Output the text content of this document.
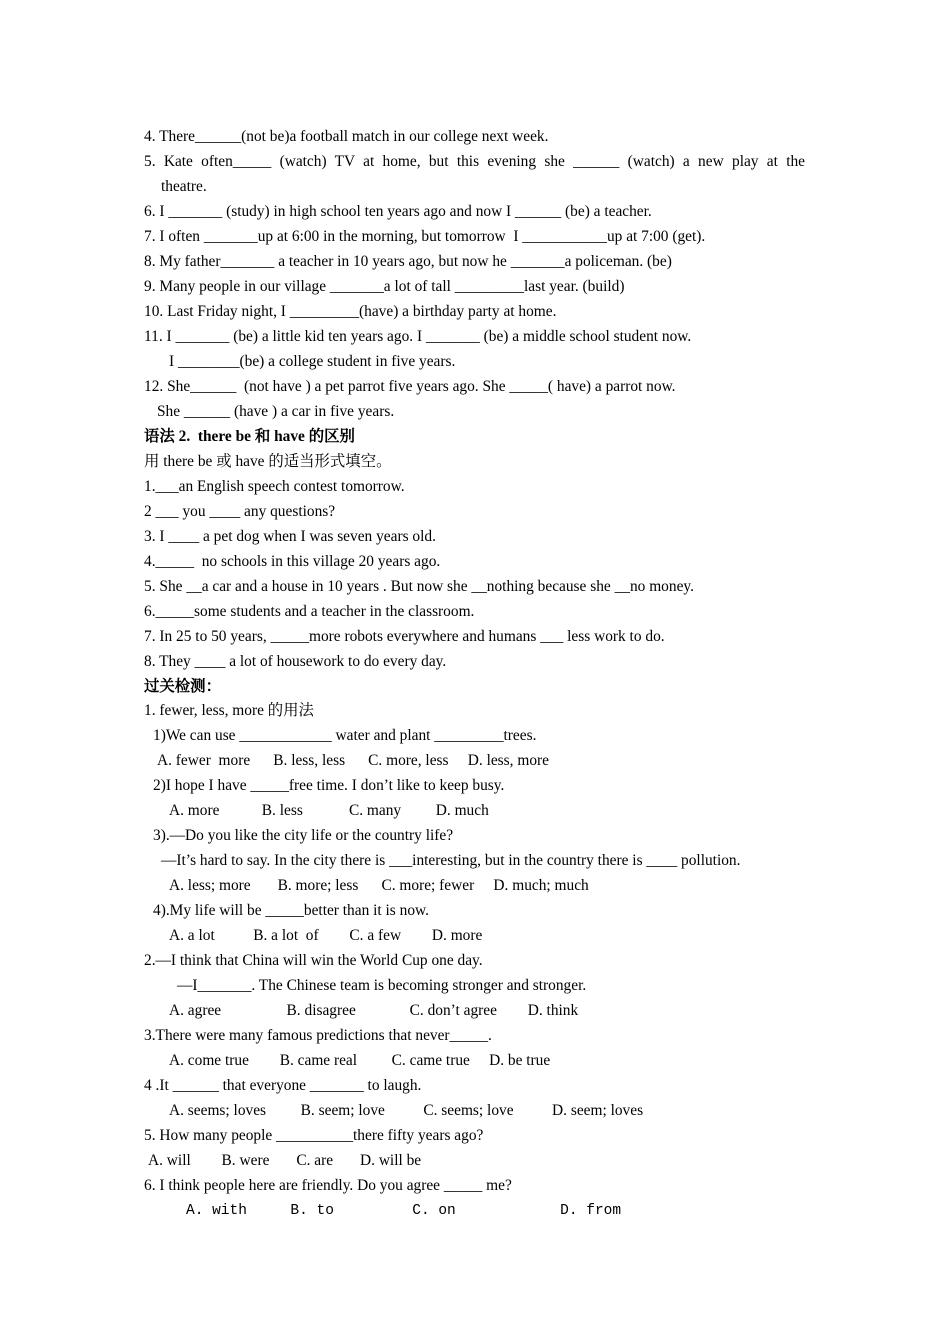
4. There______(not be)a football match in our college next week.
5. Kate often_____ (watch) TV at home, but this evening she ______ (watch) a new play at the
theatre.
6. I _______ (study) in high school ten years ago and now I ______ (be) a teacher.
7. I often _______up at 6:00 in the morning, but tomorrow  I ___________up at 7:00 (get).
8. My father_______ a teacher in 10 years ago, but now he _______a policeman. (be)
9. Many people in our village _______a lot of tall _________last year. (build)
10. Last Friday night, I _________(have) a birthday party at home.
11. I _______ (be) a little kid ten years ago. I _______ (be) a middle school student now.
I ________(be) a college student in five years.
12. She______  (not have ) a pet parrot five years ago. She _____( have) a parrot now.
She ______ (have ) a car in five years.
语法 2.  there be 和 have 的区别
用 there be 或 have 的适当形式填空。
1.___an English speech contest tomorrow.
2 ___ you ____ any questions?
3. I ____ a pet dog when I was seven years old.
4._____  no schools in this village 20 years ago.
5. She __a car and a house in 10 years . But now she __nothing because she __no money.
6._____some students and a teacher in the classroom.
7. In 25 to 50 years, _____more robots everywhere and humans ___ less work to do.
8. They ____ a lot of housework to do every day.
过关检测：
1. fewer, less, more 的用法
1)We can use ____________ water and plant _________trees.
A. fewer  more      B. less, less      C. more, less     D. less, more
2)I hope I have _____free time. I don’t like to keep busy.
A. more           B. less            C. many         D. much
3).—Do you like the city life or the country life?
—It’s hard to say. In the city there is ___interesting, but in the country there is ____ pollution.
A. less; more       B. more; less      C. more; fewer     D. much; much
4).My life will be _____better than it is now.
A. a lot          B. a lot  of        C. a few        D. more
2.—I think that China will win the World Cup one day.
—I_______. The Chinese team is becoming stronger and stronger.
A. agree                 B. disagree              C. don’t agree        D. think
3.There were many famous predictions that never_____.
A. come true        B. came real         C. came true     D. be true
4 .It ______ that everyone _______ to laugh.
A. seems; loves         B. seem; love          C. seems; love          D. seem; loves
5. How many people __________there fifty years ago?
A. will        B. were       C. are       D. will be
6. I think people here are friendly. Do you agree _____ me?
A. with     B. to         C. on            D. from
